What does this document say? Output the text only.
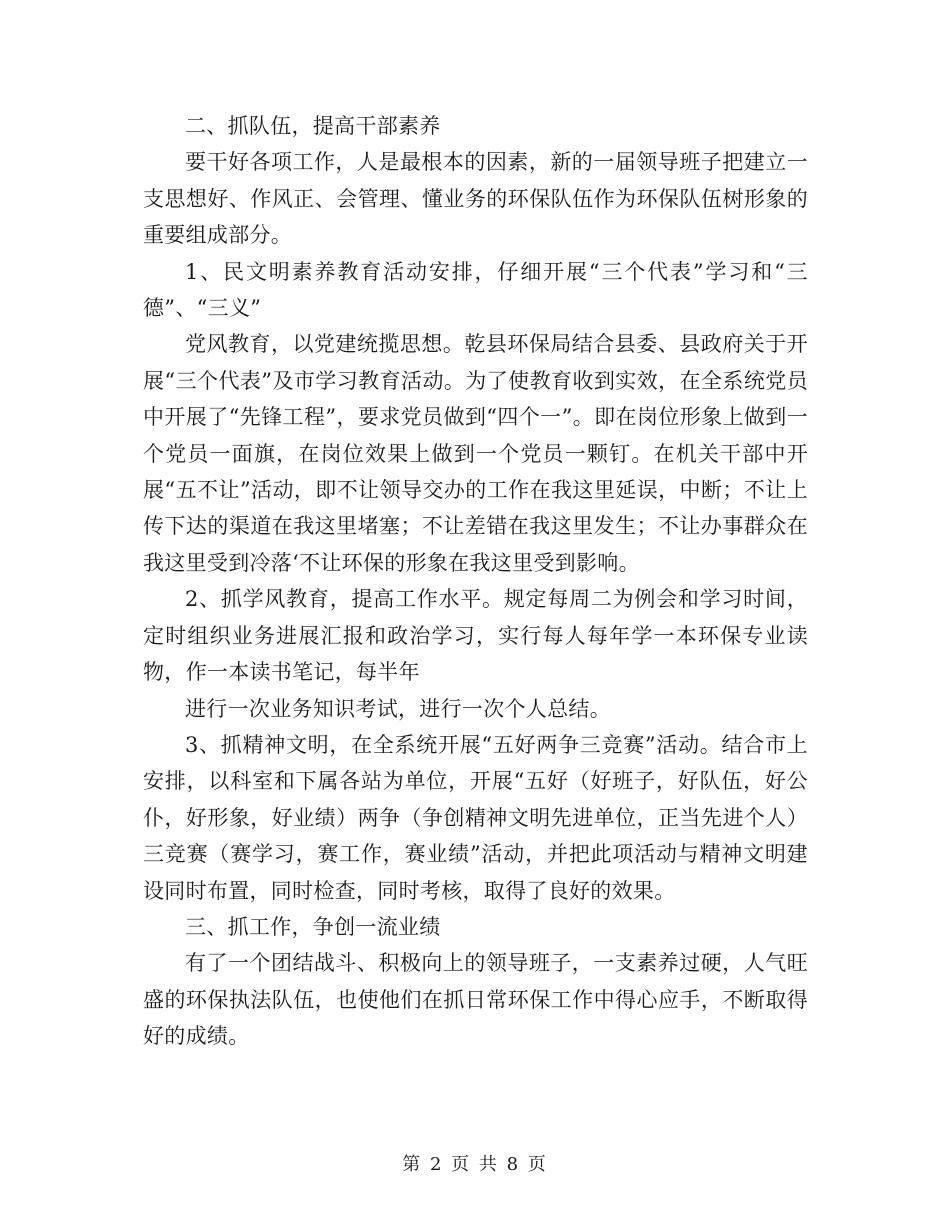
二、抓队伍，提高干部素养

要干好各项工作，人是最根本的因素，新的一届领导班子把建立一支思想好、作风正、会管理、懂业务的环保队伍作为环保队伍树形象的重要组成部分。

1、民文明素养教育活动安排，仔细开展“三个代表”学习和“三德”、“三义”

党风教育，以党建统揽思想。乾县环保局结合县委、县政府关于开展“三个代表”及市学习教育活动。为了使教育收到实效，在全系统党员中开展了“先锋工程”，要求党员做到“四个一”。即在岗位形象上做到一个党员一面旗，在岗位效果上做到一个党员一颗钉。在机关干部中开展“五不让”活动，即不让领导交办的工作在我这里延误，中断；不让上传下达的渠道在我这里堵塞；不让差错在我这里发生；不让办事群众在我这里受到冷落‘不让环保的形象在我这里受到影响。

2、抓学风教育，提高工作水平。规定每周二为例会和学习时间，定时组织业务进展汇报和政治学习，实行每人每年学一本环保专业读物，作一本读书笔记，每半年

进行一次业务知识考试，进行一次个人总结。

3、抓精神文明，在全系统开展“五好两争三竞赛”活动。结合市上安排，以科室和下属各站为单位，开展“五好（好班子，好队伍，好公仆，好形象，好业绩）两争（争创精神文明先进单位，正当先进个人）三竞赛（赛学习，赛工作，赛业绩”活动，并把此项活动与精神文明建设同时布置，同时检查，同时考核，取得了良好的效果。

三、抓工作，争创一流业绩

有了一个团结战斗、积极向上的领导班子，一支素养过硬，人气旺盛的环保执法队伍，也使他们在抓日常环保工作中得心应手，不断取得好的成绩。

第 2 页 共 8 页
